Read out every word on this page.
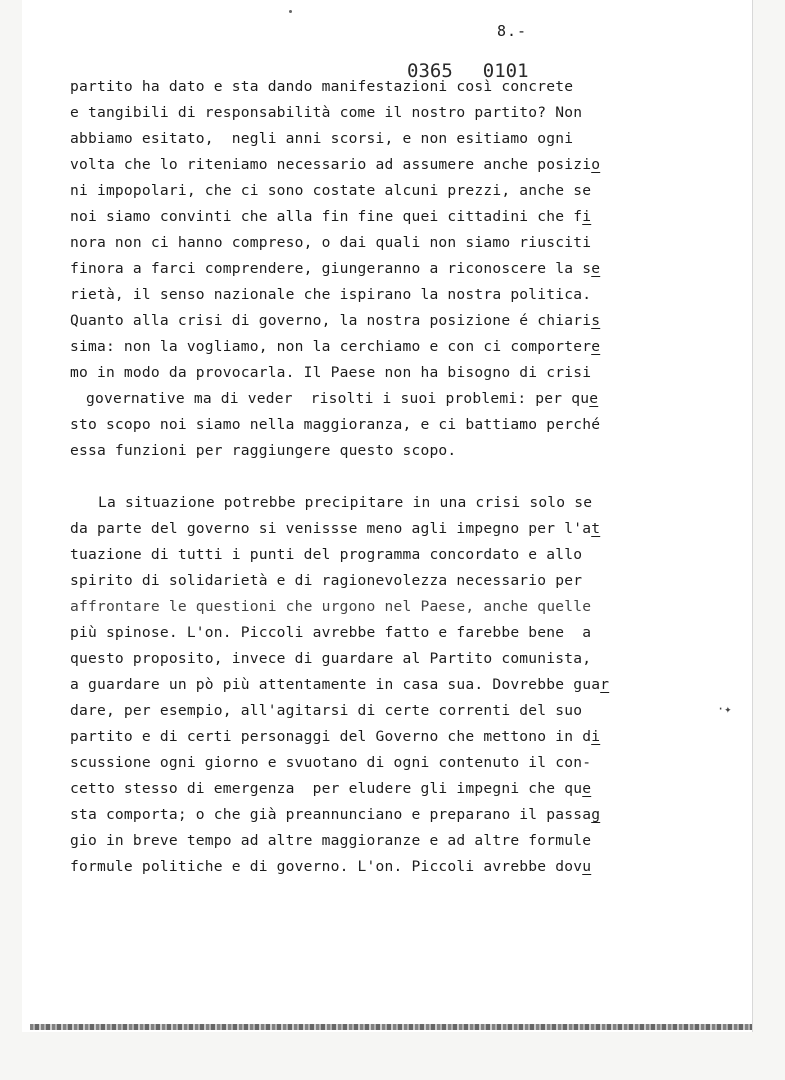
8.-
0365 0101
partito ha dato e sta dando manifestazioni così concrete
e tangibili di responsabilità come il nostro partito? Non
abbiamo esitato,  negli anni scorsi, e non esitiamo ogni
volta che lo riteniamo necessario ad assumere anche posizio
ni impopolari, che ci sono costate alcuni prezzi, anche se
noi siamo convinti che alla fin fine quei cittadini che fi
nora non ci hanno compreso, o dai quali non siamo riusciti
finora a farci comprendere, giungeranno a riconoscere la se
rietà, il senso nazionale che ispirano la nostra politica.
Quanto alla crisi di governo, la nostra posizione é chiaris
sima: non la vogliamo, non la cerchiamo e con ci comportere
mo in modo da provocarla. Il Paese non ha bisogno di crisi
governative ma di veder  risolti i suoi problemi: per que
sto scopo noi siamo nella maggioranza, e ci battiamo perché
essa funzioni per raggiungere questo scopo.
La situazione potrebbe precipitare in una crisi solo se
da parte del governo si venissse meno agli impegno per l'at
tuazione di tutti i punti del programma concordato e allo
spirito di solidarietà e di ragionevolezza necessario per
affrontare le questioni che urgono nel Paese, anche quelle
più spinose. L'on. Piccoli avrebbe fatto e farebbe bene  a
questo proposito, invece di guardare al Partito comunista,
a guardare un pò più attentamente in casa sua. Dovrebbe guar
dare, per esempio, all'agitarsi di certe correnti del suo
partito e di certi personaggi del Governo che mettono in di
scussione ogni giorno e svuotano di ogni contenuto il con-
cetto stesso di emergenza  per eludere gli impegni che que
sta comporta; o che già preannunciano e preparano il passag
gio in breve tempo ad altre maggioranze e ad altre formule
formule politiche e di governo. L'on. Piccoli avrebbe dovu
·✦
